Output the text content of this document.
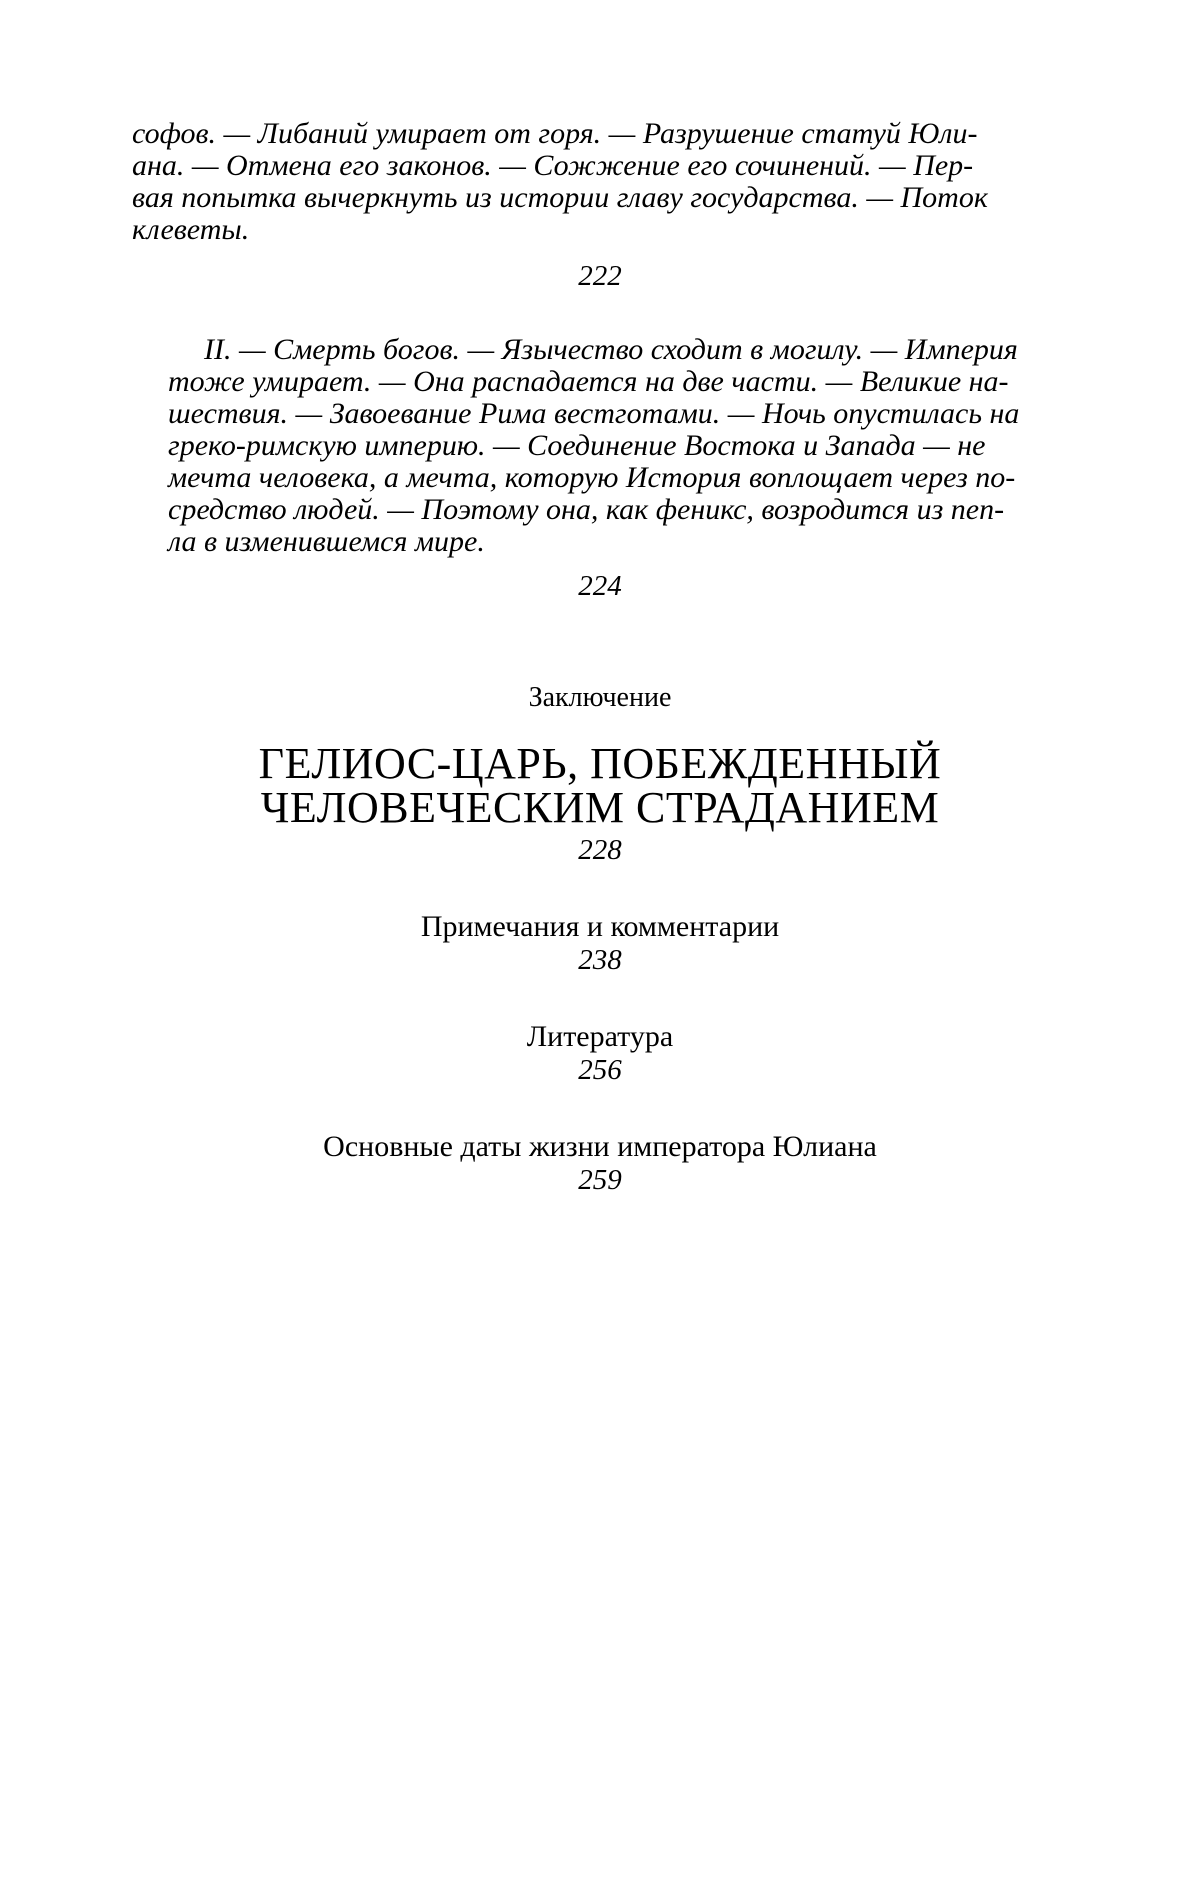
софов. — Либаний умирает от горя. — Разрушение статуй Юли-
ана. — Отмена его законов. — Сожжение его сочинений. — Пер-
вая попытка вычеркнуть из истории главу государства. — Поток
клеветы.
222
II. — Смерть богов. — Язычество сходит в могилу. — Империя
тоже умирает. — Она распадается на две части. — Великие на-
шествия. — Завоевание Рима вестготами. — Ночь опустилась на
греко-римскую империю. — Соединение Востока и Запада — не
мечта человека, а мечта, которую История воплощает через по-
средство людей. — Поэтому она, как феникс, возродится из пеп-
ла в изменившемся мире.
224
Заключение
ГЕЛИОС-ЦАРЬ, ПОБЕЖДЕННЫЙ
ЧЕЛОВЕЧЕСКИМ СТРАДАНИЕМ
228
Примечания и комментарии
238
Литература
256
Основные даты жизни императора Юлиана
259
